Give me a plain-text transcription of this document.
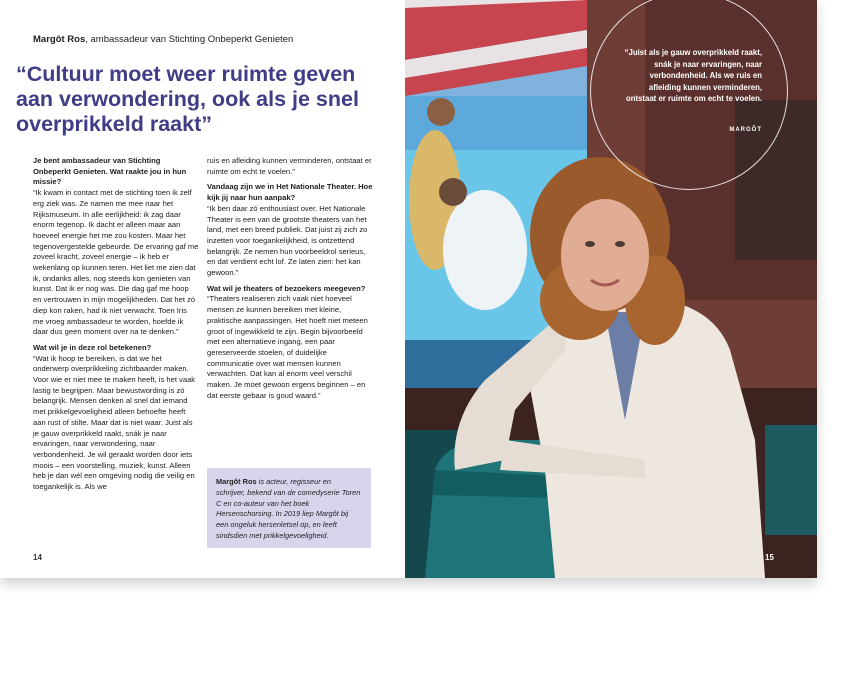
Margôt Ros, ambassadeur van Stichting Onbeperkt Genieten
“Cultuur moet weer ruimte geven aan verwondering, ook als je snel overprikkeld raakt”

Je bent ambassadeur van Stichting Onbeperkt Genieten. Wat raakte jou in hun missie?

“Ik kwam in contact met de stichting toen ik zelf erg ziek was. Ze namen me mee naar het Rijksmuseum. In alle eerlijkheid: ik zag daar enorm tegenop. Ik dacht er alleen maar aan hoeveel energie het me zou kosten. Maar het tegenovergestelde gebeurde. De ervaring gaf me zoveel kracht, zoveel energie – ik heb er wekenlang op kunnen teren. Het liet me zien dat ik, ondanks alles, nog steeds kon genieten van kunst. Dat ik er nog was. Die dag gaf me hoop en vertrouwen in mijn mogelijkheden. Dat het zó diep kon raken, had ik niet verwacht. Toen Iris me vroeg ambassadeur te worden, hoefde ik daar dus geen moment over na te denken.”

Wat wil je in deze rol betekenen?

“Wat ik hoop te bereiken, is dat we het onderwerp overprikkeling zichtbaarder maken. Voor wie er niet mee te maken heeft, is het vaak lastig te begrijpen. Maar bewustwording is zó belangrijk. Mensen denken al snel dat iemand met prikkelgevoeligheid alleen behoefte heeft aan rust of stilte. Maar dat is niet waar. Juist als je gauw overprikkeld raakt, snák je naar ervaringen, naar verwondering, naar verbondenheid. Je wil geraakt worden door iets moois – een voorstelling, muziek, kunst. Alleen heb je dan wél een omgeving nodig die veilig en toegankelijk is. Als we

ruis en afleiding kunnen verminderen, ontstaat er ruimte om echt te voelen.”

Vandaag zijn we in Het Nationale Theater. Hoe kijk jij naar hun aanpak?

“Ik ben daar zó enthousiast over. Het Nationale Theater is een van de grootste theaters van het land, met een breed publiek. Dat juist zij zich zo inzetten voor toegankelijkheid, is ontzettend belangrijk. Ze nemen hun voorbeeldrol serieus, en dat verdient echt lof. Ze laten zien: het kan gewoon.”

Wat wil je theaters of bezoekers meegeven?

“Theaters realiseren zich vaak niet hoeveel mensen ze kunnen bereiken met kleine, praktische aanpassingen. Het hoeft niet meteen groot of ingewikkeld te zijn. Begin bijvoorbeeld met een alternatieve ingang, een paar gereserveerde stoelen, of duidelijke communicatie over wat mensen kunnen verwachten. Dat kan al enorm veel verschil maken. Je moet gewoon ergens beginnen – en dat eerste gebaar is goud waard.”

Margôt Ros is acteur, regisseur en schrijver, bekend van de comedyserie Toren C en co-auteur van het boek Hersenschorsing. In 2019 liep Margôt bij een ongeluk hersenletsel op, en leeft sindsdien met prikkelgevoeligheid.
14	15
“Juist als je gauw overprikkeld raakt, snák je naar ervaringen, naar verbondenheid. Als we ruis en afleiding kunnen verminderen, ontstaat er ruimte om echt te voelen.
MARGÔT
